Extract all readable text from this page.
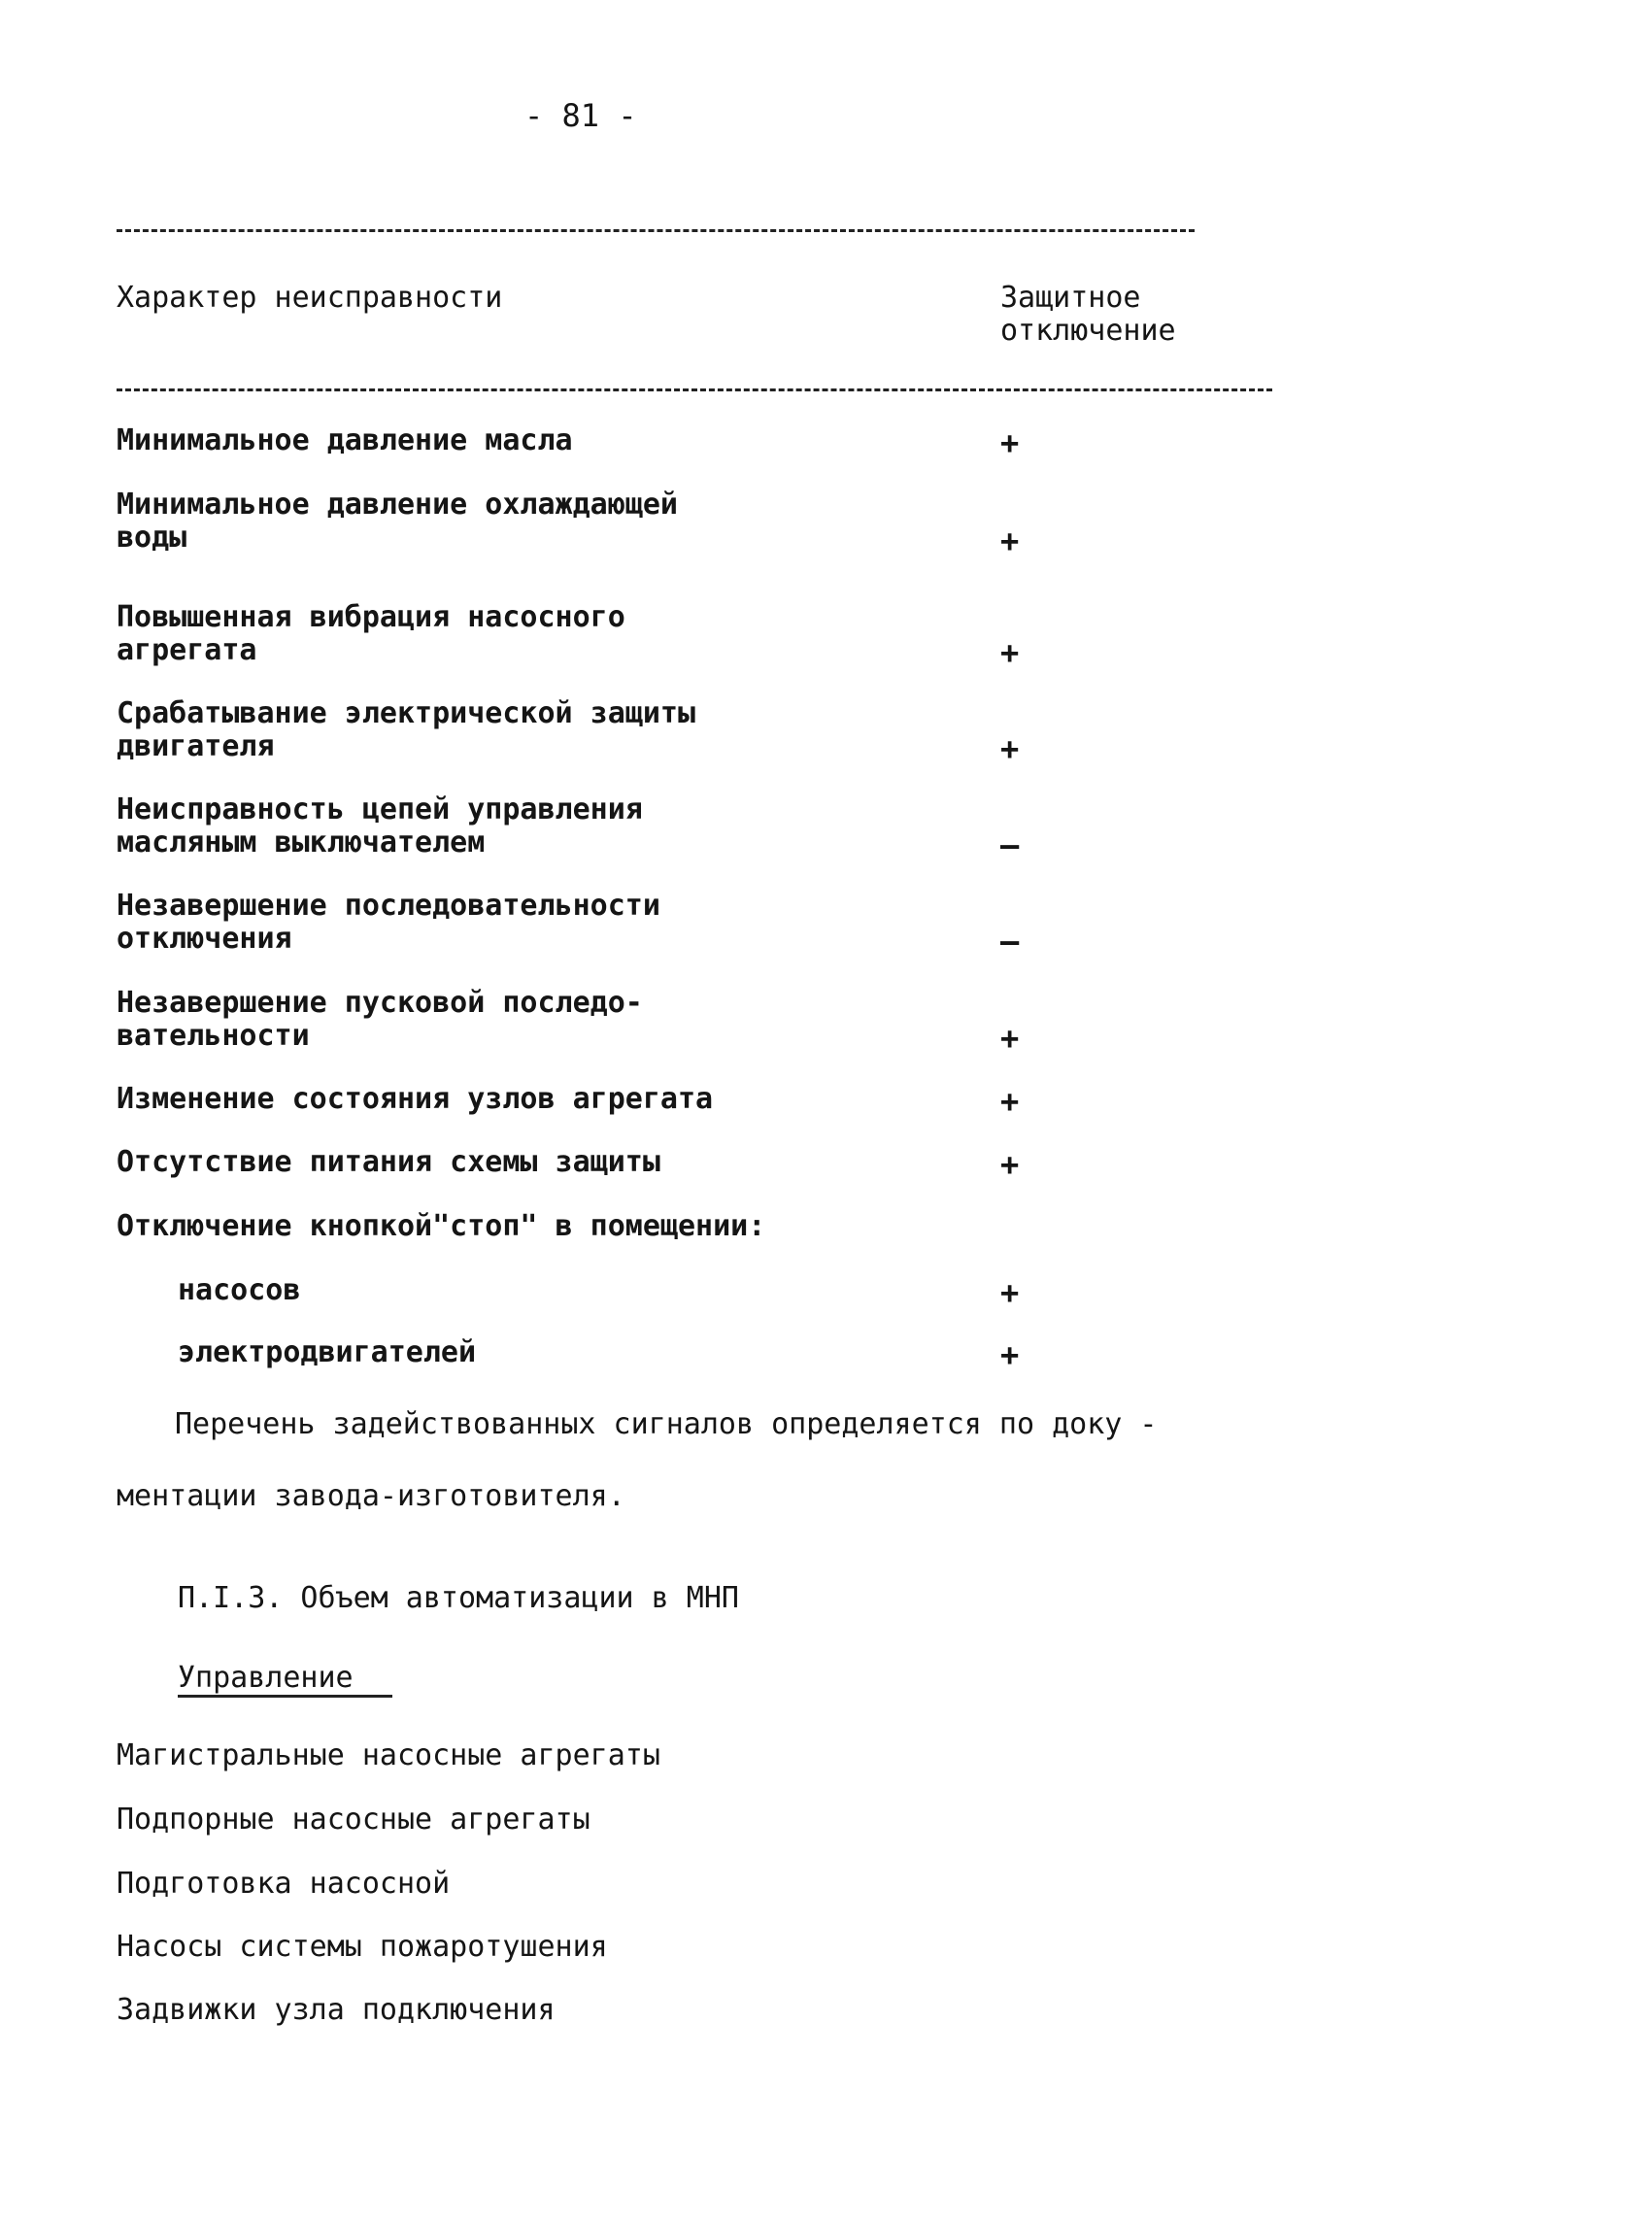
- 81 -
Характер неисправности	Защитное
отключение
Минимальное давление масла	+
Минимальное давление охлаждающей
воды	+
Повышенная вибрация насосного
агрегата	+
Срабатывание электрической защиты
двигателя	+
Неисправность цепей управления
масляным выключателем	–
Незавершение последовательности
отключения	–
Незавершение пусковой последо-
вательности	+
Изменение состояния узлов агрегата	+
Отсутствие питания схемы защиты	+
Отключение кнопкой"стоп" в помещении:
насосов	+
электродвигателей	+
Перечень задействованных сигналов определяется по доку - ментации завода-изготовителя.
П.I.3. Объем автоматизации в МНП
Управление
Магистральные насосные агрегаты
Подпорные насосные агрегаты
Подготовка насосной
Насосы системы пожаротушения
Задвижки узла подключения
